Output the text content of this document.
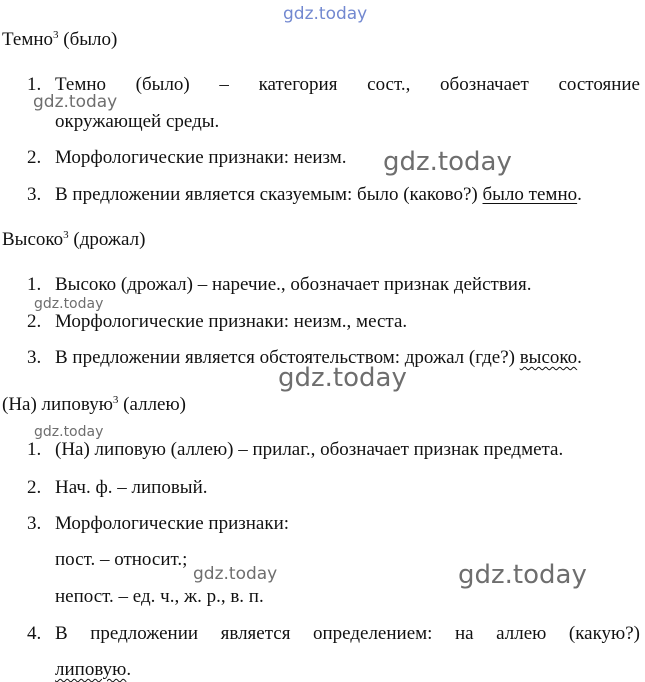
Темно$^3$ (было)
1. Темно (было) – категория сост., обозначает состояние
окружающей среды.
2. Морфологические признаки: неизм.
3. В предложении является сказуемым: было (каково?) было темно.
Высоко$^3$ (дрожал)
1. Высоко (дрожал) – наречие., обозначает признак действия.
2. Морфологические признаки: неизм., места.
3. В предложении является обстоятельством: дрожал (где?) высоко.
(На) липовую$^3$ (аллею)
1. (На) липовую (аллею) – прилаг., обозначает признак предмета.
2. Нач. ф. – липовый.
3. Морфологические признаки:
пост. – относит.;
непост. – ед. ч., ж. р., в. п.
4. В предложении является определением: на аллею (какую?)
липовую.
gdz.today
gdz.today
gdz.today
gdz.today
gdz.today
gdz.today
gdz.today	gdz.today
